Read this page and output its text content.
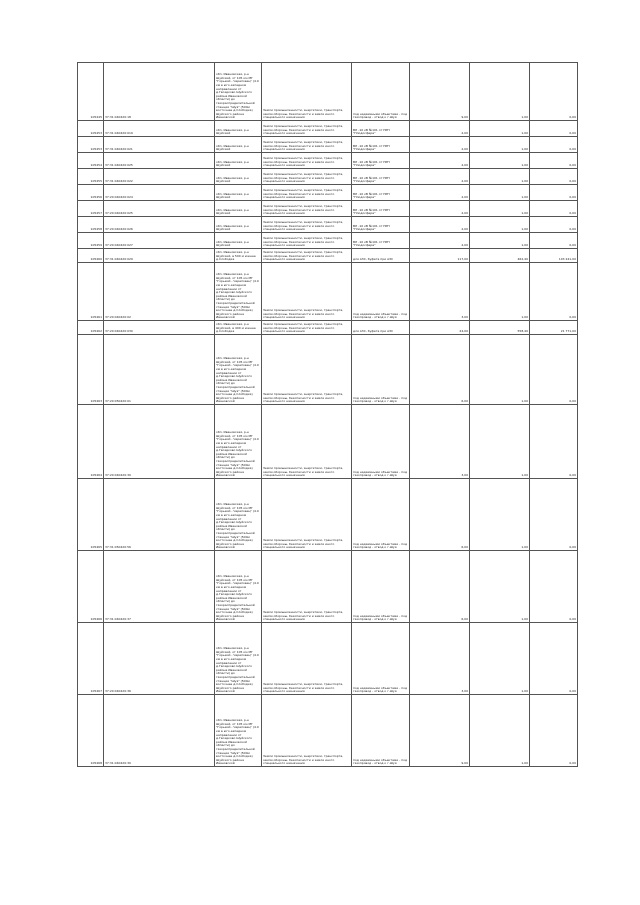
105445	37:31:040420:18	обл. Ивановская, р-н Шуйский, от 105 км МГ "Горький - Череповец" (4.0 км в юго-западном направлении от д.Гвоздково Шуйского района Ивановской области) до газораспределительной станции "Шуя" (500м восточнее д.Слободка) Шуйского района Ивановской	Земли промышленности, энергетики, транспорта, земли обороны, безопасности и земли иного специального назначения	под надземными объектами - под газопровод - отвод к г.Шуя	9,00	1,00	0,00
105453	37:31:040420:019	обл. Ивановская, р-н Шуйский	Земли промышленности, энергетики, транспорта, земли обороны, безопасности и земли иного специального назначения	ВЛ -10 кВ №101 от ПРП "Плодосфера"	2,00	1,00	0,00
105453	37:31:040420:021	обл. Ивановская, р-н Шуйский	Земли промышленности, энергетики, транспорта, земли обороны, безопасности и земли иного специального назначения	ВЛ -10 кВ №101 от ПРП "Плодосфера"	2,00	1,00	0,00
105454	37:31:040420:025	обл. Ивановская, р-н Шуйский	Земли промышленности, энергетики, транспорта, земли обороны, безопасности и земли иного специального назначения	ВЛ -10 кВ №101 от ПРП "Плодосфера"	2,00	1,00	0,00
105455	37:31:040420:022	обл. Ивановская, р-н Шуйский	Земли промышленности, энергетики, транспорта, земли обороны, безопасности и земли иного специального назначения	ВЛ -10 кВ №101 от ПРП "Плодосфера"	2,00	1,00	0,00
105456	37:20:040420:024	обл. Ивановская, р-н Шуйский	Земли промышленности, энергетики, транспорта, земли обороны, безопасности и земли иного специального назначения	ВЛ -10 кВ №101 от ПРП "Плодосфера"	2,00	1,00	0,00
105457	37:20:040420:025	обл. Ивановская, р-н Шуйский	Земли промышленности, энергетики, транспорта, земли обороны, безопасности и земли иного специального назначения	ВЛ -10 кВ №101 от ПРП "Плодосфера"	2,00	1,00	0,00
105458	37:20:040420:026	обл. Ивановская, р-н Шуйский	Земли промышленности, энергетики, транспорта, земли обороны, безопасности и земли иного специального назначения	ВЛ -10 кВ №101 от ПРП "Плодосфера"	2,00	1,00	0,00
105459	37:20:040420:027	обл. Ивановская, р-н Шуйский	Земли промышленности, энергетики, транспорта, земли обороны, безопасности и земли иного специального назначения	ВЛ -10 кВ №101 от ПРП "Плодосфера"	2,00	1,00	0,00
105460	37:31:040420:029	обл. Ивановская, р-н Шуйский, в 500 м южнее д.Слободка	Земли промышленности, энергетики, транспорта, земли обороны, безопасности и земли иного специального назначения	для АЗС, буфета при АЗС	117,00	462,40	103 241,00
105461	37:20:040420:02	обл. Ивановская, р-н Шуйский, от 105 км МГ "Горький - Череповец" (4.0 км в юго-западном направлении от д.Гвоздково Шуйского района Ивановской области) до газораспределительной станции "Шуя" (500м восточнее д.Слободка) Шуйского района Ивановской	Земли промышленности, энергетики, транспорта, земли обороны, безопасности и земли иного специального назначения	под надземными объектами - под газопровод - отвод к г.Шуя	3,00	1,00	0,00
105462	37:20:040420:030	обл. Ивановская, р-н Шуйский, в 400 м южнее д.Слободка	Земли промышленности, энергетики, транспорта, земли обороны, безопасности и земли иного специального назначения	для АЗС, буфета при АЗС	24,00	558,40	21 771,00
105463	37:20:050420:01	обл. Ивановская, р-н Шуйский, от 105 км МГ "Горький - Череповец" (4.0 км в юго-западном направлении от д.Гвоздково Шуйского района Ивановской области) до газораспределительной станции "Шуя" (500м восточнее д.Слободка) Шуйского района Ивановской	Земли промышленности, энергетики, транспорта, земли обороны, безопасности и земли иного специального назначения	под надземными объектами - под газопровод - отвод к г.Шуя	6,00	1,00	0,00
105464	37:20:040420:30	обл. Ивановская, р-н Шуйский, от 105 км МГ "Горький - Череповец" (4.0 км в юго-западном направлении от д.Гвоздково Шуйского района Ивановской области) до газораспределительной станции "Шуя" (500м восточнее д.Слободка) Шуйского района Ивановской	Земли промышленности, энергетики, транспорта, земли обороны, безопасности и земли иного специального назначения	под надземными объектами - под газопровод - отвод к г.Шуя	3,00	1,00	0,00
105465	37:31:050420:56	обл. Ивановская, р-н Шуйский, от 105 км МГ "Горький - Череповец" (4.0 км в юго-западном направлении от д.Гвоздково Шуйского района Ивановской области) до газораспределительной станции "Шуя" (500м восточнее д.Слободка) Шуйского района Ивановской	Земли промышленности, энергетики, транспорта, земли обороны, безопасности и земли иного специального назначения	под надземными объектами - под газопровод - отвод к г.Шуя	6,00	1,00	0,00
105466	37:31:040420:37	обл. Ивановская, р-н Шуйский, от 105 км МГ "Горький - Череповец" (4.0 км в юго-западном направлении от д.Гвоздково Шуйского района Ивановской области) до газораспределительной станции "Шуя" (500м восточнее д.Слободка) Шуйского района Ивановской	Земли промышленности, энергетики, транспорта, земли обороны, безопасности и земли иного специального назначения	под надземными объектами - под газопровод - отвод к г.Шуя	6,00	1,00	0,00
105467	37:20:040420:36	обл. Ивановская, р-н Шуйский, от 105 км МГ "Горький - Череповец" (4.0 км в юго-западном направлении от д.Гвоздково Шуйского района Ивановской области) до газораспределительной станции "Шуя" (500м восточнее д.Слободка) Шуйского района Ивановской	Земли промышленности, энергетики, транспорта, земли обороны, безопасности и земли иного специального назначения	под надземными объектами - под газопровод - отвод к г.Шуя	3,00	1,00	0,00
105468	37:31:040420:30	обл. Ивановская, р-н Шуйский, от 105 км МГ "Горький - Череповец" (4.0 км в юго-западном направлении от д.Гвоздково Шуйского района Ивановской области) до газораспределительной станции "Шуя" (500м восточнее д.Слободка) Шуйского района Ивановской	Земли промышленности, энергетики, транспорта, земли обороны, безопасности и земли иного специального назначения	под надземными объектами - под газопровод - отвод к г.Шуя	9,00	1,00	0,00
